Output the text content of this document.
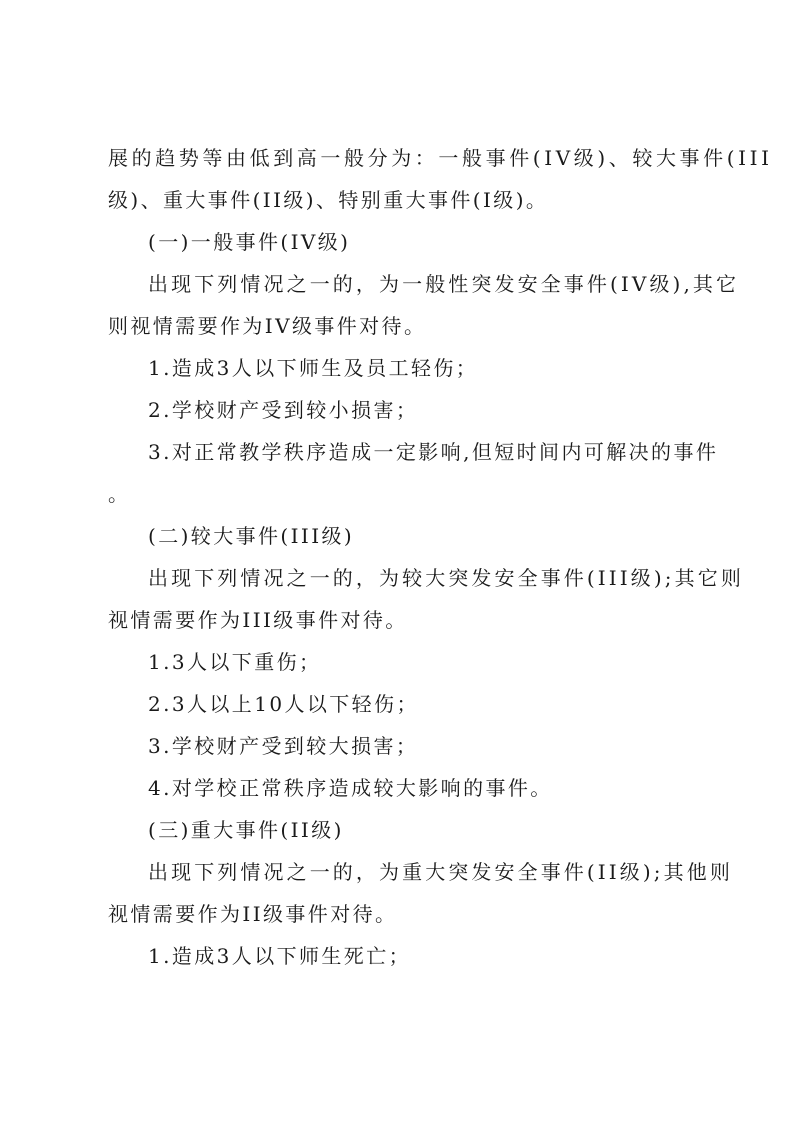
展的趋势等由低到高一般分为：一般事件(IV级)、较大事件(III
级)、重大事件(II级)、特别重大事件(I级)。
(一)一般事件(IV级)
出现下列情况之一的，为一般性突发安全事件(IV级),其它
则视情需要作为IV级事件对待。
1.造成3人以下师生及员工轻伤；
2.学校财产受到较小损害；
3.对正常教学秩序造成一定影响,但短时间内可解决的事件
。
(二)较大事件(III级)
出现下列情况之一的，为较大突发安全事件(III级);其它则
视情需要作为III级事件对待。
1.3人以下重伤；
2.3人以上10人以下轻伤；
3.学校财产受到较大损害；
4.对学校正常秩序造成较大影响的事件。
(三)重大事件(II级)
出现下列情况之一的，为重大突发安全事件(II级);其他则
视情需要作为II级事件对待。
1.造成3人以下师生死亡；
